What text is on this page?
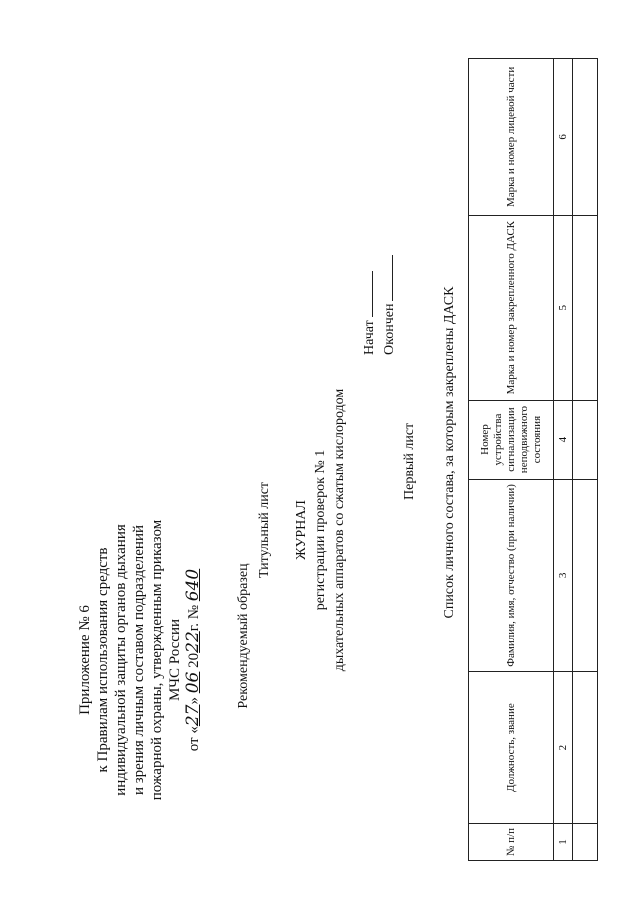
Приложение № 6 к Правилам использования средств индивидуальной защиты органов дыхания и зрения личным составом подразделений пожарной охраны, утвержденным приказом МЧС России
от «27» 06 2022г. № 640 Рекомендуемый образец
Титульный лист ЖУРНАЛ регистрации проверок № 1 дыхательных аппаратов со сжатым кислородом
Начат Окончен
Первый лист Список личного состава, за которым закреплены ДАСК
№ п/п	Должность, звание	Фамилия, имя, отчество (при наличии)	Номер устройства сигнализации неподвижного состояния	Марка и номер закрепленного ДАСК	Марка и номер лицевой части
1	2	3	4	5	6
